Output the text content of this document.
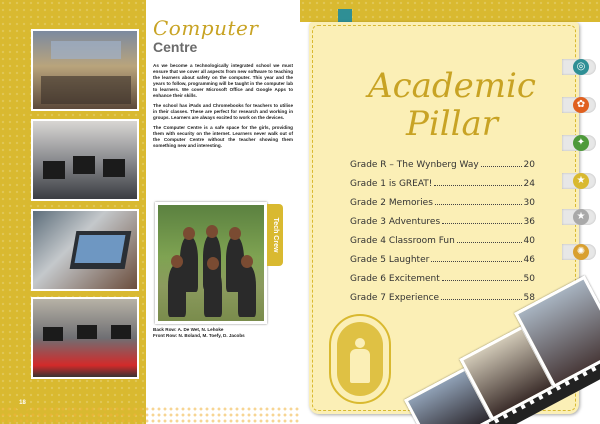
Computer

Centre

As we become a technologically integrated school we must ensure that we cover all aspects from new software to teaching the learners about safety on the computer. This year and the years to follow, programming will be taught in the computer lab to learners. We cover Microsoft Office and Google Apps to enhance their skills.

The school has iPads and Chromebooks for teachers to utilise in their classes. These are perfect for research and working in groups. Learners are always excited to work on the devices.

The Computer Centre is a safe space for the girls, providing them with security on the internet. Learners never walk out of the Computer Centre without the teacher showing them something new and interesting.

Tech Crew
Back Row: A. De Wet, N. Lehoke
Front Row: N. Boland, M. Toefy, D. Jacobs
18
◎
✿
✦
★
★
✺
Academic
Pillar
Grade R – The Wynberg Way	20
Grade 1 is GREAT!	24
Grade 2 Memories	30
Grade 3 Adventures	36
Grade 4 Classroom Fun	40
Grade 5 Laughter	46
Grade 6 Excitement	50
Grade 7 Experience	58
